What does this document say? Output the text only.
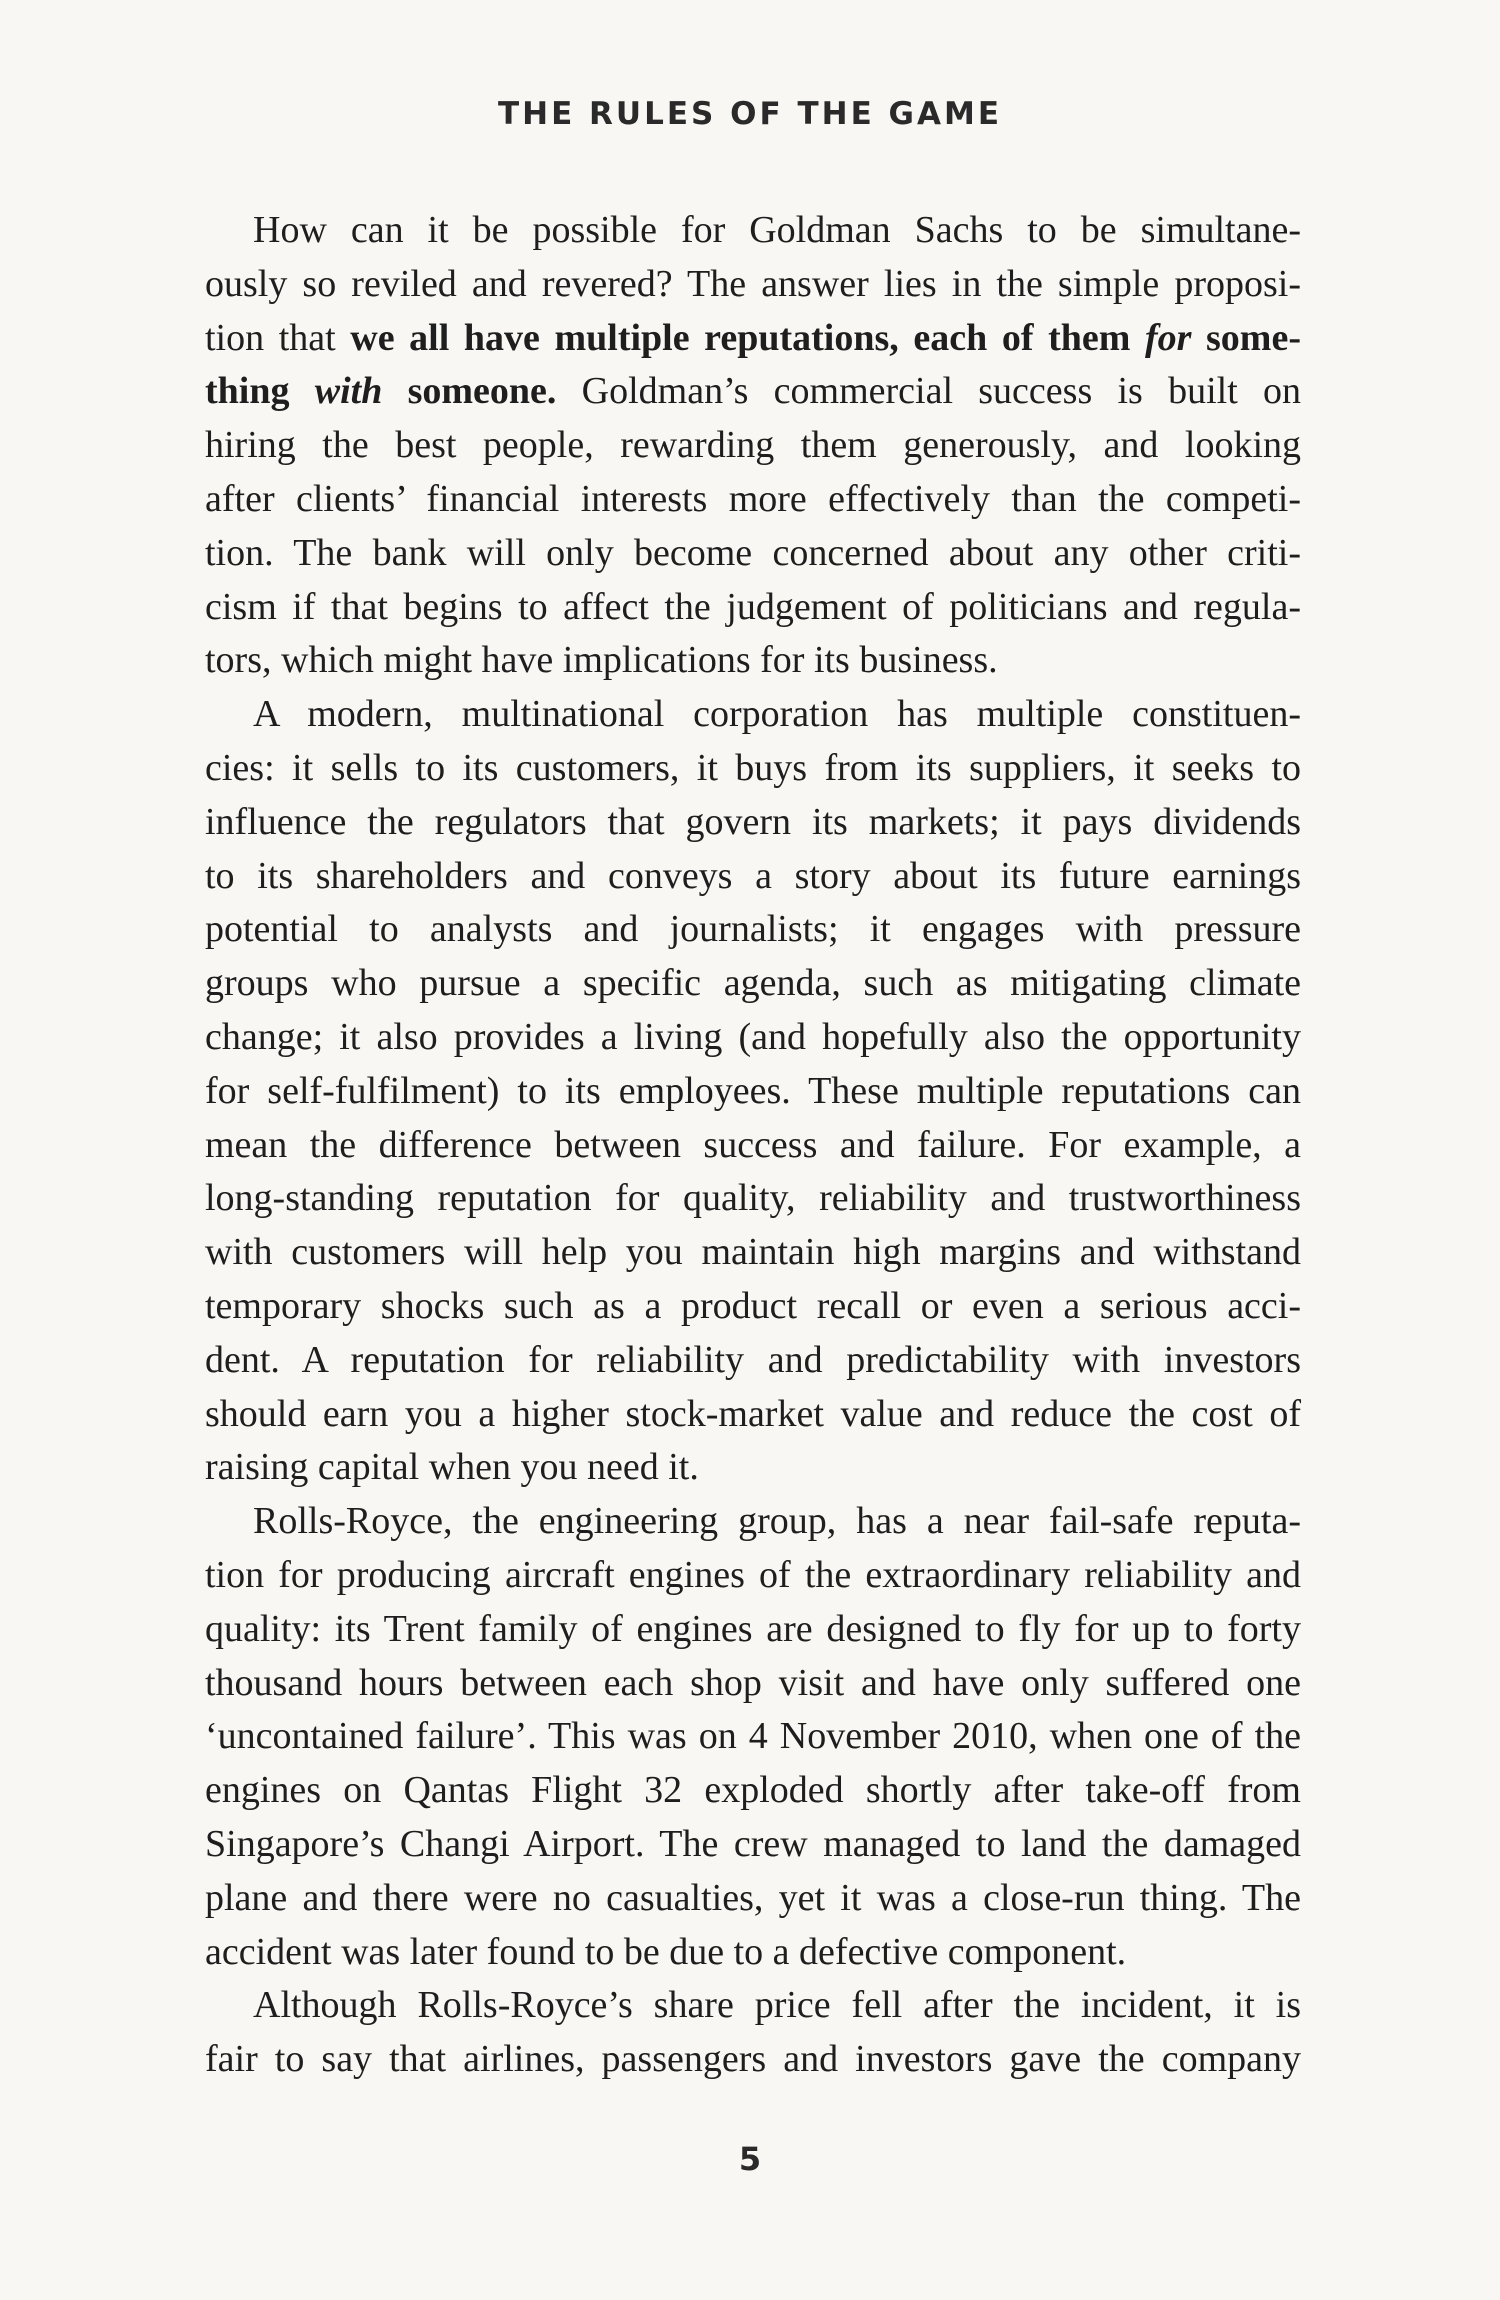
THE RULES OF THE GAME
How can it be possible for Goldman Sachs to be simultane-
ously so reviled and revered? The answer lies in the simple proposi-
tion that we all have multiple reputations, each of them for some-
thing with someone. Goldman’s commercial success is built on
hiring the best people, rewarding them generously, and looking
after clients’ financial interests more effectively than the competi-
tion. The bank will only become concerned about any other criti-
cism if that begins to affect the judgement of politicians and regula-
tors, which might have implications for its business.
A modern, multinational corporation has multiple constituen-
cies: it sells to its customers, it buys from its suppliers, it seeks to
influence the regulators that govern its markets; it pays dividends
to its shareholders and conveys a story about its future earnings
potential to analysts and journalists; it engages with pressure
groups who pursue a specific agenda, such as mitigating climate
change; it also provides a living (and hopefully also the opportunity
for self-fulfilment) to its employees. These multiple reputations can
mean the difference between success and failure. For example, a
long-standing reputation for quality, reliability and trustworthiness
with customers will help you maintain high margins and withstand
temporary shocks such as a product recall or even a serious acci-
dent. A reputation for reliability and predictability with investors
should earn you a higher stock-market value and reduce the cost of
raising capital when you need it.
Rolls-Royce, the engineering group, has a near fail-safe reputa-
tion for producing aircraft engines of the extraordinary reliability and
quality: its Trent family of engines are designed to fly for up to forty
thousand hours between each shop visit and have only suffered one
‘uncontained failure’. This was on 4 November 2010, when one of the
engines on Qantas Flight 32 exploded shortly after take-off from
Singapore’s Changi Airport. The crew managed to land the damaged
plane and there were no casualties, yet it was a close-run thing. The
accident was later found to be due to a defective component.
Although Rolls-Royce’s share price fell after the incident, it is
fair to say that airlines, passengers and investors gave the company
5
